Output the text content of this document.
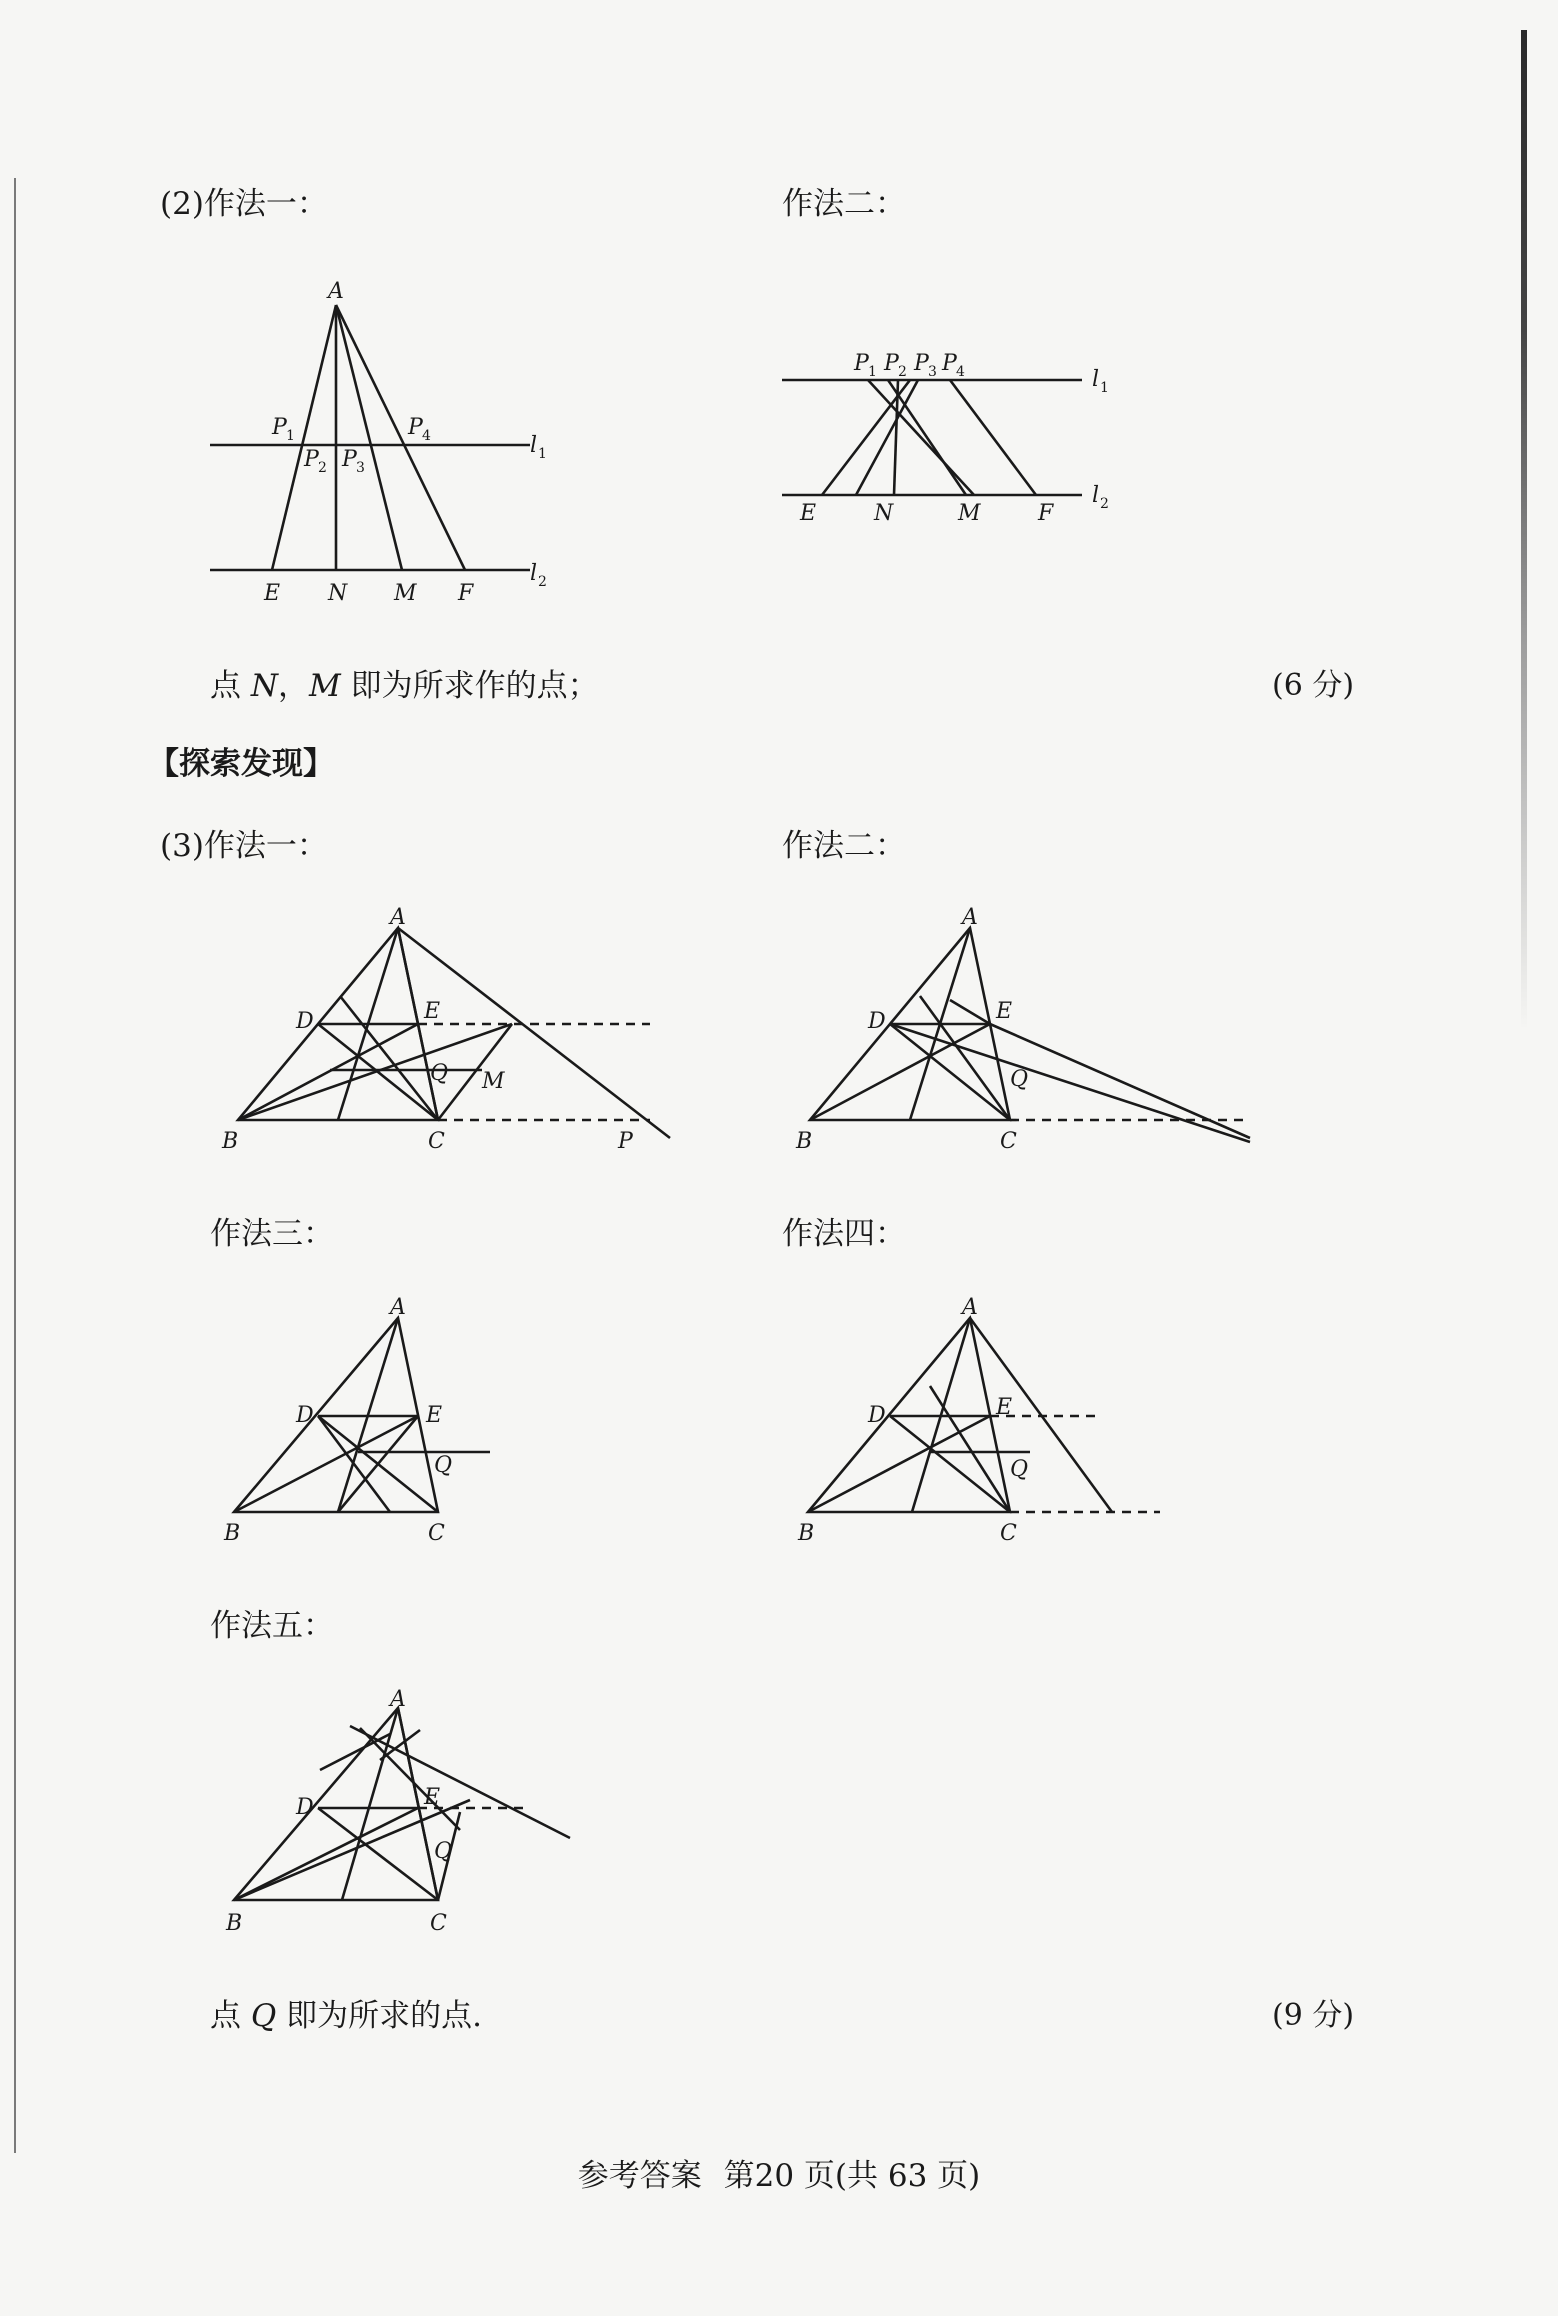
(2)作法一：	作法二：
A
P 1
P 2 P 3
P 4	l 1
l 2
E N M F
P 1 P 2 P 3 P 4	l 1
l 2
E	N	M	F
点 N，M 即为所求作的点；	(6 分)
【探索发现】
(3)作法一：	作法二：
A
D	E
Q M
B	C	P
A
D	E
Q
B	C
作法三：	作法四：
A
D	E
Q
B	C
A
D	E
Q
B	C
作法五：
A
D	E
Q
B	C
点 Q 即为所求的点.	(9 分)
参考答案 第20 页(共 63 页)
